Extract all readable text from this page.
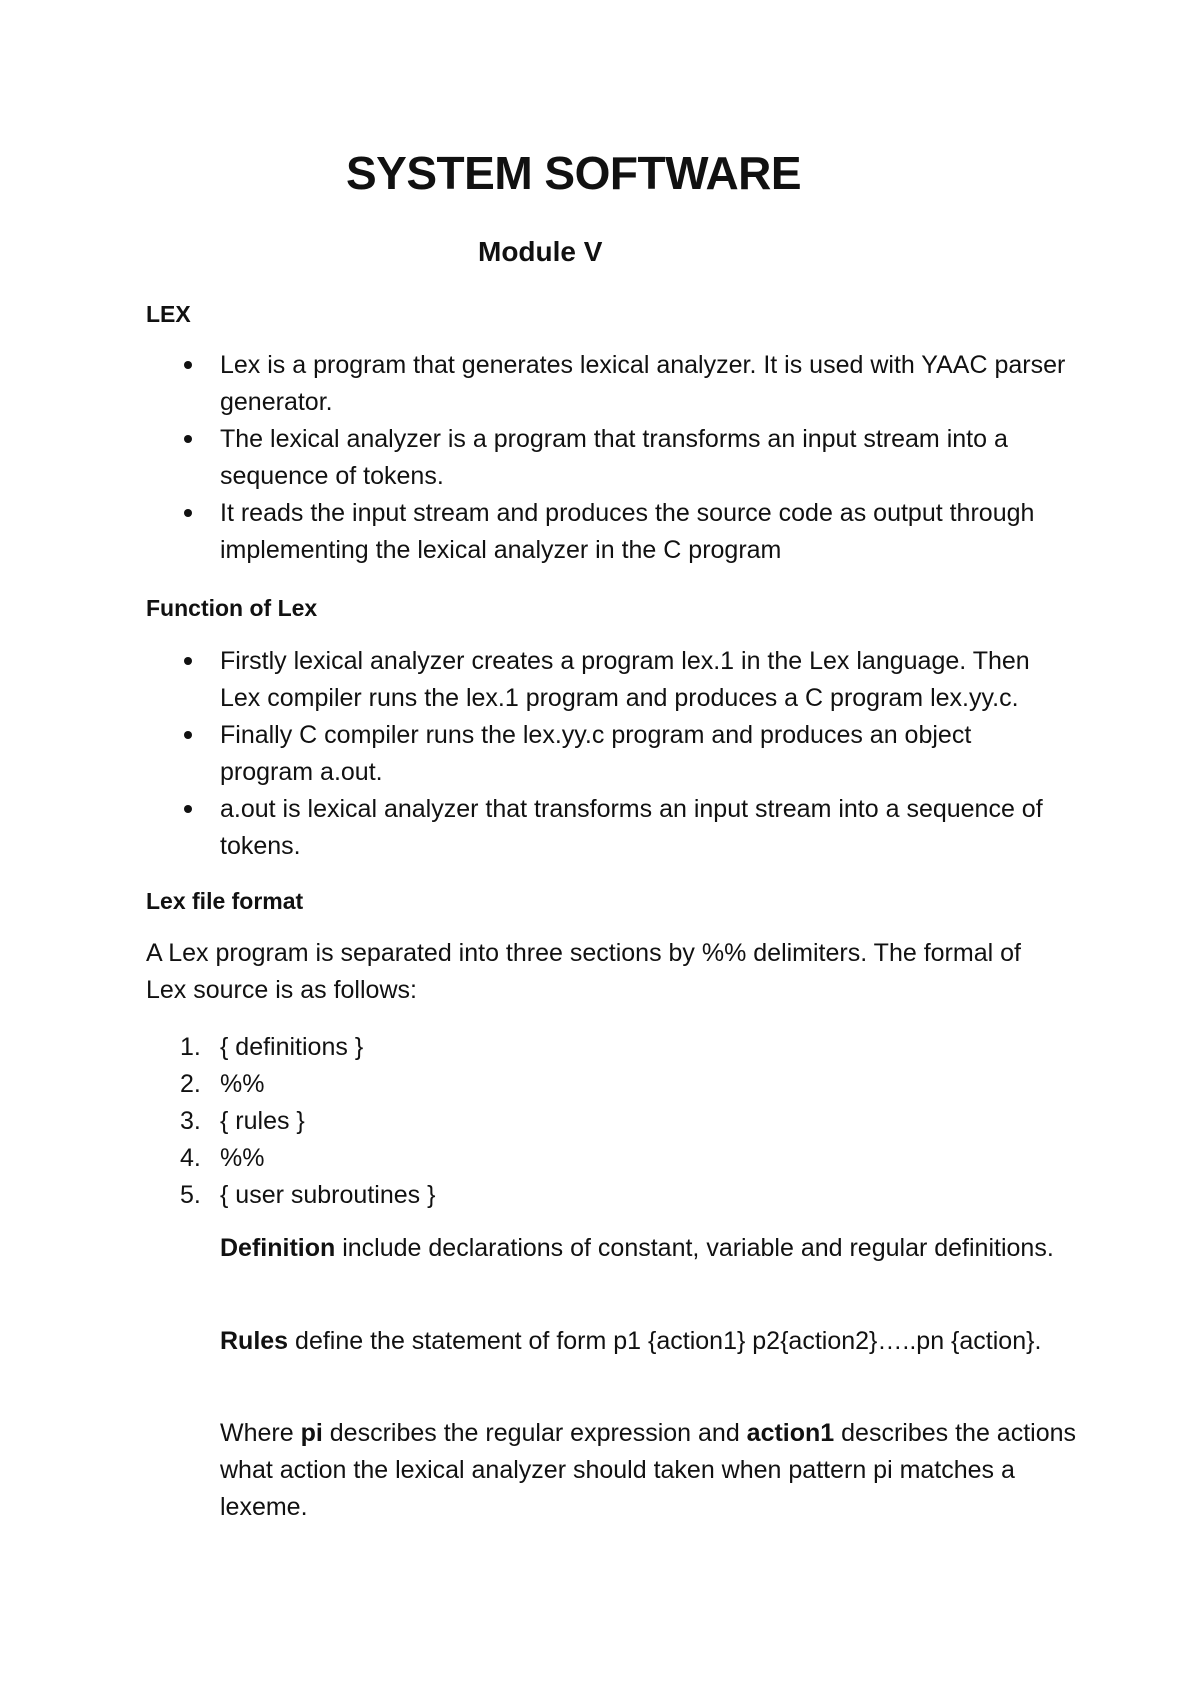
SYSTEM SOFTWARE
Module V
LEX
Lex is a program that generates lexical analyzer. It is used with YAAC parser generator.
The lexical analyzer is a program that transforms an input stream into a sequence of tokens.
It reads the input stream and produces the source code as output through implementing the lexical analyzer in the C program
Function of Lex
Firstly lexical analyzer creates a program lex.1 in the Lex language. Then Lex compiler runs the lex.1 program and produces a C program lex.yy.c.
Finally C compiler runs the lex.yy.c program and produces an object program a.out.
a.out is lexical analyzer that transforms an input stream into a sequence of tokens.
Lex file format

A Lex program is separated into three sections by %% delimiters. The formal of Lex source is as follows:

1. { definitions }
2. %%
3. { rules }
4. %%
5. { user subroutines }

Definition include declarations of constant, variable and regular definitions.

Rules define the statement of form p1 {action1} p2{action2}…..pn {action}.

Where pi describes the regular expression and action1 describes the actions what action the lexical analyzer should taken when pattern pi matches a lexeme.
